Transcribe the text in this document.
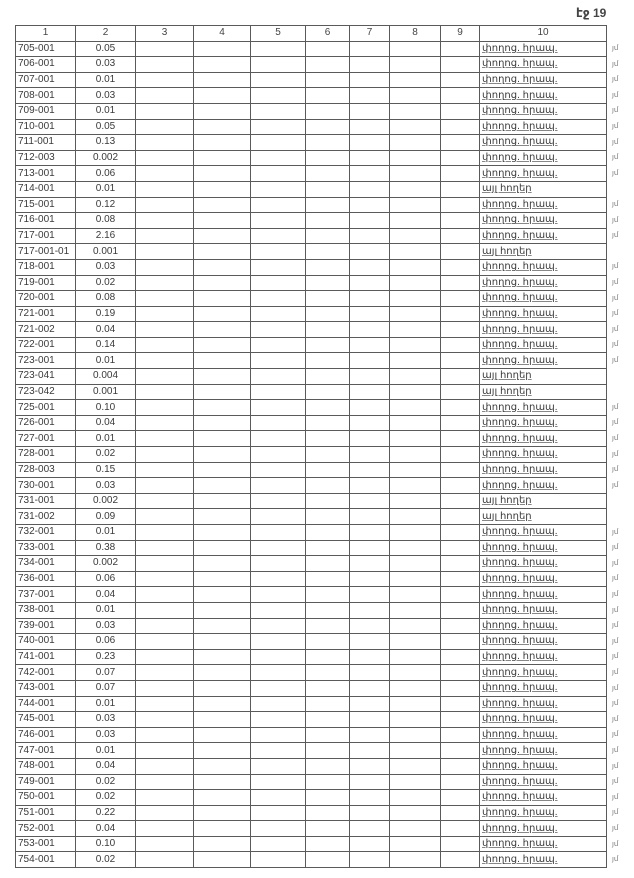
էջ 19
1	2	3	4	5	6	7	8	9	10
705-001	0.05								փողոց. հրապ.
706-001	0.03								փողոց. հրապ.
707-001	0.01								փողոց. հրապ.
708-001	0.03								փողոց. հրապ.
709-001	0.01								փողոց. հրապ.
710-001	0.05								փողոց. հրապ.
711-001	0.13								փողոց. հրապ.
712-003	0.002								փողոց. հրապ.
713-001	0.06								փողոց. հրապ.
714-001	0.01								այլ հողեր
715-001	0.12								փողոց. հրապ.
716-001	0.08								փողոց. հրապ.
717-001	2.16								փողոց. հրապ.
717-001-01	0.001								այլ հողեր
718-001	0.03								փողոց. հրապ.
719-001	0.02								փողոց. հրապ.
720-001	0.08								փողոց. հրապ.
721-001	0.19								փողոց. հրապ.
721-002	0.04								փողոց. հրապ.
722-001	0.14								փողոց. հրապ.
723-001	0.01								փողոց. հրապ.
723-041	0.004								այլ հողեր
723-042	0.001								այլ հողեր
725-001	0.10								փողոց. հրապ.
726-001	0.04								փողոց. հրապ.
727-001	0.01								փողոց. հրապ.
728-001	0.02								փողոց. հրապ.
728-003	0.15								փողոց. հրապ.
730-001	0.03								փողոց. հրապ.
731-001	0.002								այլ հողեր
731-002	0.09								այլ հողեր
732-001	0.01								փողոց. հրապ.
733-001	0.38								փողոց. հրապ.
734-001	0.002								փողոց. հրապ.
736-001	0.06								փողոց. հրապ.
737-001	0.04								փողոց. հրապ.
738-001	0.01								փողոց. հրապ.
739-001	0.03								փողոց. հրապ.
740-001	0.06								փողոց. հրապ.
741-001	0.23								փողոց. հրապ.
742-001	0.07								փողոց. հրապ.
743-001	0.07								փողոց. հրապ.
744-001	0.01								փողոց. հրապ.
745-001	0.03								փողոց. հրապ.
746-001	0.03								փողոց. հրապ.
747-001	0.01								փողոց. հրապ.
748-001	0.04								փողոց. հրապ.
749-001	0.02								փողոց. հրապ.
750-001	0.02								փողոց. հրապ.
751-001	0.22								փողոց. հրապ.
752-001	0.04								փողոց. հրապ.
753-001	0.10								փողոց. հրապ.
754-001	0.02								փողոց. հրապ.
յմ
յմ
յմ
յմ
յմ
յմ
յմ
յմ
յմ
յմ
յմ
յմ
յմ
յմ
յմ
յմ
յմ
յմ
յմ
յմ
յմ
յմ
յմ
յմ
յմ
յմ
յմ
յմ
յմ
յմ
յմ
յմ
յմ
յմ
յմ
յմ
յմ
յմ
յմ
յմ
յմ
յմ
յմ
յմ
յմ
յմ
յմ
